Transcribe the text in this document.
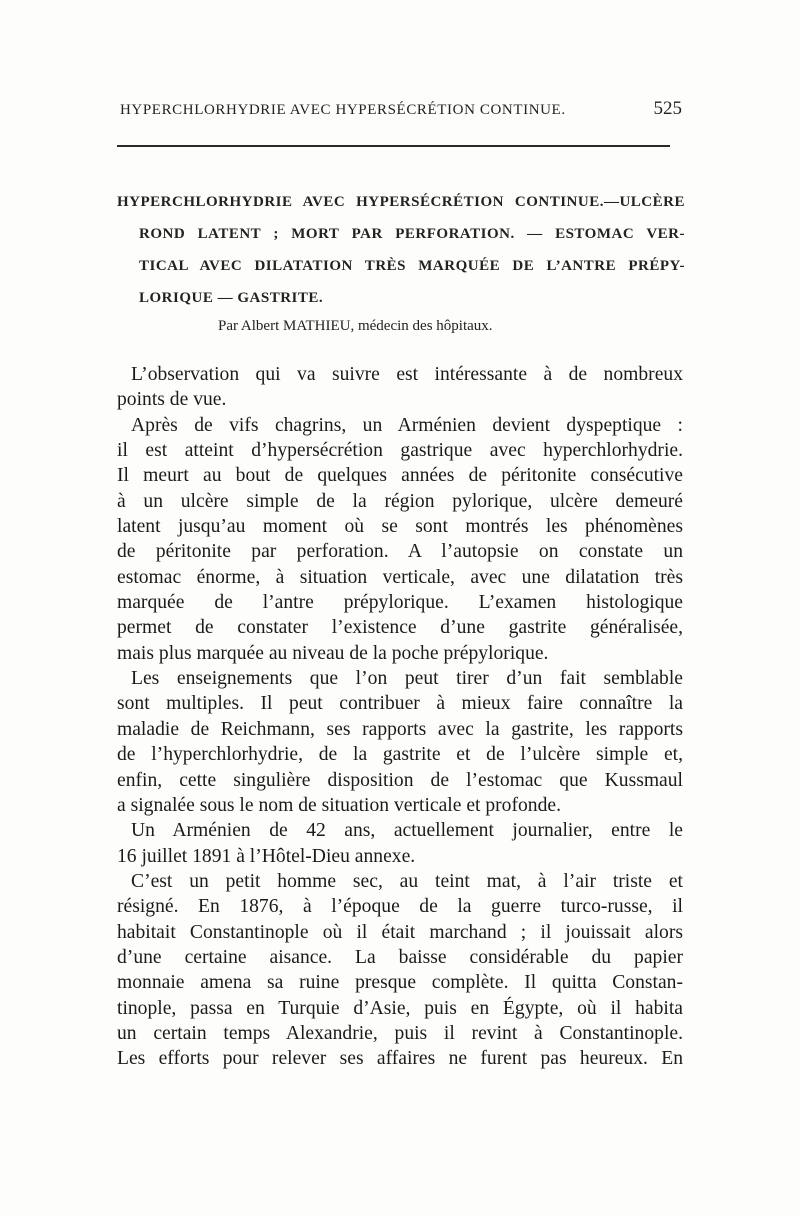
HYPERCHLORHYDRIE AVEC HYPERSÉCRÉTION CONTINUE.	525
HYPERCHLORHYDRIE AVEC HYPERSÉCRÉTION CONTINUE.—ULCÈRE
ROND LATENT ; MORT PAR PERFORATION. — ESTOMAC VER-
TICAL AVEC DILATATION TRÈS MARQUÉE DE L’ANTRE PRÉPY-
LORIQUE — GASTRITE.
Par Albert MATHIEU, médecin des hôpitaux.
L’observation qui va suivre est intéressante à de nombreux
points de vue.
Après de vifs chagrins, un Arménien devient dyspeptique :
il est atteint d’hypersécrétion gastrique avec hyperchlorhydrie.
Il meurt au bout de quelques années de péritonite consécutive
à un ulcère simple de la région pylorique, ulcère demeuré
latent jusqu’au moment où se sont montrés les phénomènes
de péritonite par perforation. A l’autopsie on constate un
estomac énorme, à situation verticale, avec une dilatation très
marquée de l’antre prépylorique. L’examen histologique
permet de constater l’existence d’une gastrite généralisée,
mais plus marquée au niveau de la poche prépylorique.
Les enseignements que l’on peut tirer d’un fait semblable
sont multiples. Il peut contribuer à mieux faire connaître la
maladie de Reichmann, ses rapports avec la gastrite, les rapports
de l’hyperchlorhydrie, de la gastrite et de l’ulcère simple et,
enfin, cette singulière disposition de l’estomac que Kussmaul
a signalée sous le nom de situation verticale et profonde.
Un Arménien de 42 ans, actuellement journalier, entre le
16 juillet 1891 à l’Hôtel-Dieu annexe.
C’est un petit homme sec, au teint mat, à l’air triste et
résigné. En 1876, à l’époque de la guerre turco-russe, il
habitait Constantinople où il était marchand ; il jouissait alors
d’une certaine aisance. La baisse considérable du papier
monnaie amena sa ruine presque complète. Il quitta Constan-
tinople, passa en Turquie d’Asie, puis en Égypte, où il habita
un certain temps Alexandrie, puis il revint à Constantinople.
Les efforts pour relever ses affaires ne furent pas heureux. En
